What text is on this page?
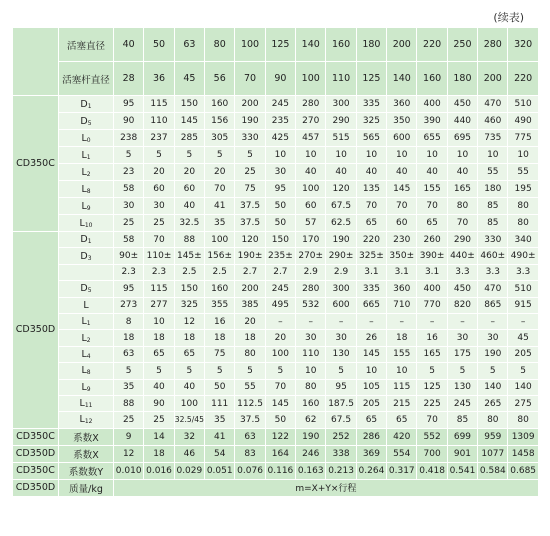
(续表)
	活塞直径	40	50	63	80	100	125	140	160	180	200	220	250	280	320
	活塞杆直径	28	36	45	56	70	90	100	110	125	140	160	180	200	220
CD350C	$D_1$	95	115	150	160	200	245	280	300	335	360	400	450	470	510
	$D_5$	90	110	145	156	190	235	270	290	325	350	390	440	460	490
	$L_0$	238	237	285	305	330	425	457	515	565	600	655	695	735	775
	$L_1$	5	5	5	5	5	10	10	10	10	10	10	10	10	10
	$L_2$	23	20	20	20	25	30	40	40	40	40	40	40	55	55
	$L_8$	58	60	60	70	75	95	100	120	135	145	155	165	180	195
	$L_9$	30	30	40	41	37.5	50	60	67.5	70	70	70	80	85	80
	$L_{10}$	25	25	32.5	35	37.5	50	57	62.5	65	60	65	70	85	80
CD350D	$D_1$	58	70	88	100	120	150	170	190	220	230	260	290	330	340
	$D_3$	90±	110±	145±	156±	190±	235±	270±	290±	325±	350±	390±	440±	460±	490±
		2.3	2.3	2.5	2.5	2.7	2.7	2.9	2.9	3.1	3.1	3.1	3.3	3.3	3.3
	$D_5$	95	115	150	160	200	245	280	300	335	360	400	450	470	510
	L	273	277	325	355	385	495	532	600	665	710	770	820	865	915
	$L_1$	8	10	12	16	20	–	–	–	–	–	–	–	–	–
	$L_2$	18	18	18	18	18	20	30	30	26	18	16	30	30	45
	$L_4$	63	65	65	75	80	100	110	130	145	155	165	175	190	205
	$L_8$	5	5	5	5	5	5	10	5	10	10	5	5	5	5
	$L_9$	35	40	40	50	55	70	80	95	105	115	125	130	140	140
	$L_{11}$	88	90	100	111	112.5	145	160	187.5	205	215	225	245	265	275
	$L_{12}$	25	25	32.5/45	35	37.5	50	62	67.5	65	65	70	85	80	80
CD350C	系数X	9	14	32	41	63	122	190	252	286	420	552	699	959	1309
CD350D	系数X	12	18	46	54	83	164	246	338	369	554	700	901	1077	1458
CD350C	系数数Y	0.010	0.016	0.029	0.051	0.076	0.116	0.163	0.213	0.264	0.317	0.418	0.541	0.584	0.685
CD350D	质量/kg	m=X+Y×行程													
